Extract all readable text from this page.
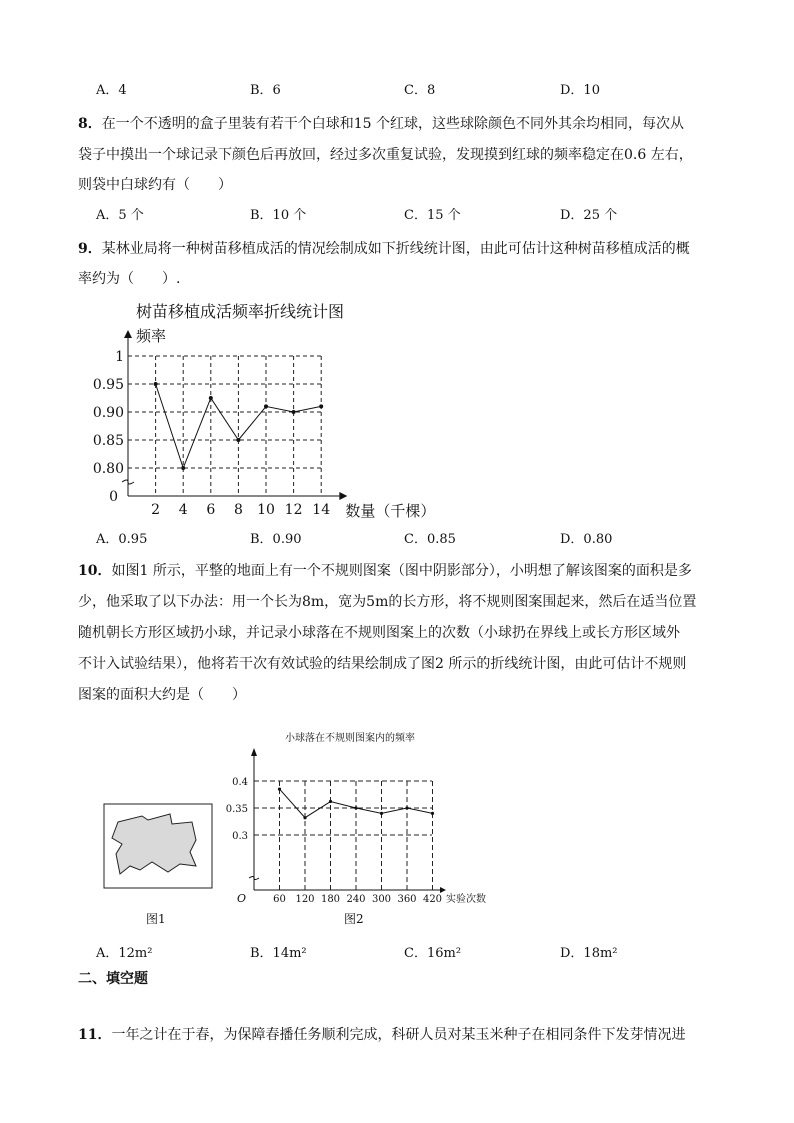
A．4	B．6	C．8	D．10
8．在一个不透明的盒子里装有若干个白球和15 个红球，这些球除颜色不同外其余均相同，每次从
袋子中摸出一个球记录下颜色后再放回，经过多次重复试验，发现摸到红球的频率稳定在0.6 左右，
则袋中白球约有（　　）
A．5 个	B．10 个	C．15 个	D．25 个
9．某林业局将一种树苗移植成活的情况绘制成如下折线统计图，由此可估计这种树苗移植成活的概
率约为（　　）.
树苗移植成活频率折线统计图
频率
数量（千棵）
0
0.80
0.85
0.90
0.95
1
2 4 6 8 10 12 14
A．0.95	B．0.90	C．0.85	D．0.80
10．如图1 所示，平整的地面上有一个不规则图案（图中阴影部分），小明想了解该图案的面积是多
少，他采取了以下办法：用一个长为8m，宽为5m的长方形，将不规则图案围起来，然后在适当位置
随机朝长方形区域扔小球，并记录小球落在不规则图案上的次数（小球扔在界线上或长方形区域外
不计入试验结果），他将若干次有效试验的结果绘制成了图2 所示的折线统计图，由此可估计不规则
图案的面积大约是（　　）
图1
小球落在不规则图案内的频率
O	实验次数
0.3
0.35
0.4
60 120 180 240 300 360 420
图2
A．12m²	B．14m²	C．16m²	D．18m²
二、填空题
11．一年之计在于春，为保障春播任务顺利完成，科研人员对某玉米种子在相同条件下发芽情况进
